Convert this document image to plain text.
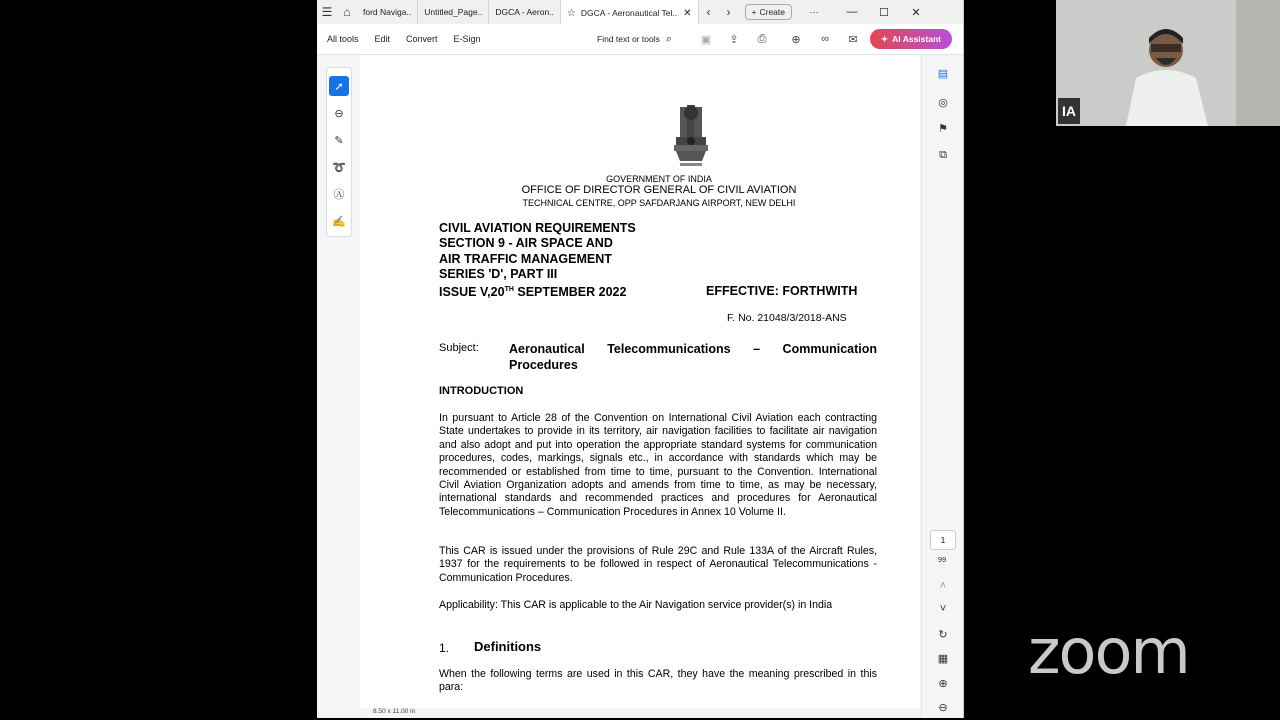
☰ ⌂	ford Naviga.. Untitled_Page.. DGCA - Aeron.. ☆ DGCA - Aeronautical Tel.. ✕	‹	›	+ Create	···	—	☐	✕
All tools Edit Convert E-Sign	Find text or tools ⌕	▣	⇪	⎙	⊕	∞	✉	✦ AI Assistant
➚
⊖
✎
➰
Ⓐ
✍
GOVERNMENT OF INDIA
OFFICE OF DIRECTOR GENERAL OF CIVIL AVIATION
TECHNICAL CENTRE, OPP SAFDARJANG AIRPORT, NEW DELHI
CIVIL AVIATION REQUIREMENTS
SECTION 9 - AIR SPACE AND
AIR TRAFFIC MANAGEMENT
SERIES 'D', PART III
ISSUE V,20TH SEPTEMBER 2022	EFFECTIVE: FORTHWITH
F. No. 21048/3/2018-ANS
Subject: Aeronautical Telecommunications – Communication Procedures
INTRODUCTION
In pursuant to Article 28 of the Convention on International Civil Aviation each contracting State undertakes to provide in its territory, air navigation facilities to facilitate air navigation and also adopt and put into operation the appropriate standard systems for communication procedures, codes, markings, signals etc., in accordance with standards which may be recommended or established from time to time, pursuant to the Convention. International Civil Aviation Organization adopts and amends from time to time, as may be necessary, international standards and recommended practices and procedures for Aeronautical Telecommunications – Communication Procedures in Annex 10 Volume II.
This CAR is issued under the provisions of Rule 29C and Rule 133A of the Aircraft Rules, 1937 for the requirements to be followed in respect of Aeronautical Telecommunications - Communication Procedures.
Applicability: This CAR is applicable to the Air Navigation service provider(s) in India
1. Definitions
When the following terms are used in this CAR, they have the meaning prescribed in this para:
▤
◎
⚑
⧉
1
99
˄
˅
↻
▦
⊕
⊖
8.50 x 11.00 in
IA
zoom
